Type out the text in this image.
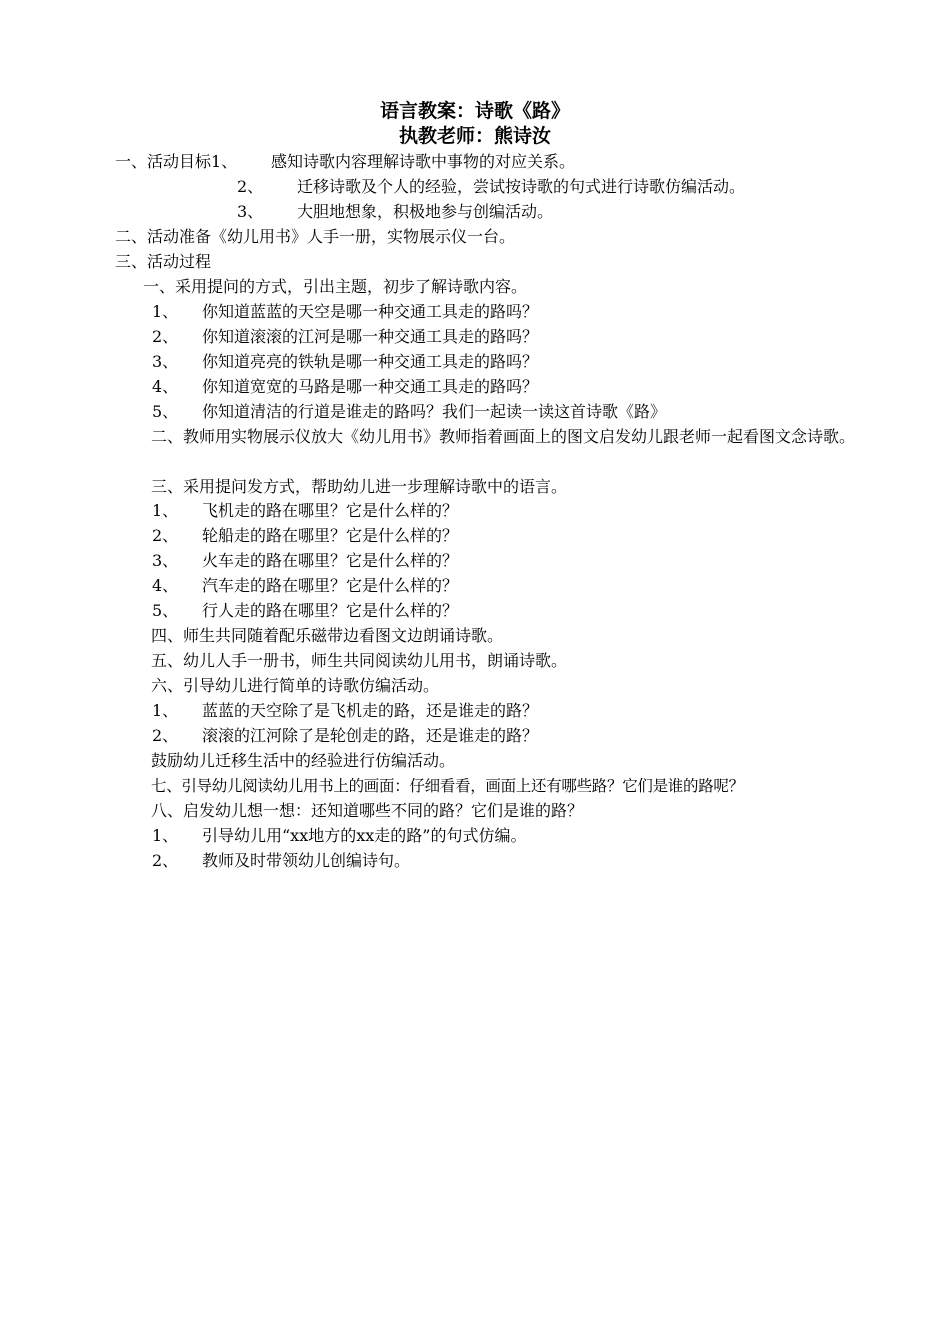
语言教案：诗歌《路》
执教老师：熊诗汝
一、活动目标1、 感知诗歌内容理解诗歌中事物的对应关系。
2、 迁移诗歌及个人的经验，尝试按诗歌的句式进行诗歌仿编活动。
3、 大胆地想象，积极地参与创编活动。
二、活动准备《幼儿用书》人手一册，实物展示仪一台。
三、活动过程
一、采用提问的方式，引出主题，初步了解诗歌内容。
1、 你知道蓝蓝的天空是哪一种交通工具走的路吗？
2、 你知道滚滚的江河是哪一种交通工具走的路吗？
3、 你知道亮亮的铁轨是哪一种交通工具走的路吗？
4、 你知道宽宽的马路是哪一种交通工具走的路吗？
5、 你知道清洁的行道是谁走的路吗？我们一起读一读这首诗歌《路》
二、教师用实物展示仪放大《幼儿用书》教师指着画面上的图文启发幼儿跟老师一起看图文念诗歌。
三、采用提问发方式，帮助幼儿进一步理解诗歌中的语言。
1、 飞机走的路在哪里？它是什么样的？
2、 轮船走的路在哪里？它是什么样的？
3、 火车走的路在哪里？它是什么样的？
4、 汽车走的路在哪里？它是什么样的？
5、 行人走的路在哪里？它是什么样的？
四、师生共同随着配乐磁带边看图文边朗诵诗歌。
五、幼儿人手一册书，师生共同阅读幼儿用书，朗诵诗歌。
六、引导幼儿进行简单的诗歌仿编活动。
1、 蓝蓝的天空除了是飞机走的路，还是谁走的路？
2、 滚滚的江河除了是轮创走的路，还是谁走的路？
鼓励幼儿迁移生活中的经验进行仿编活动。
七、引导幼儿阅读幼儿用书上的画面：仔细看看，画面上还有哪些路？它们是谁的路呢？
八、启发幼儿想一想：还知道哪些不同的路？它们是谁的路？
1、 引导幼儿用“xx地方的xx走的路”的句式仿编。
2、 教师及时带领幼儿创编诗句。
